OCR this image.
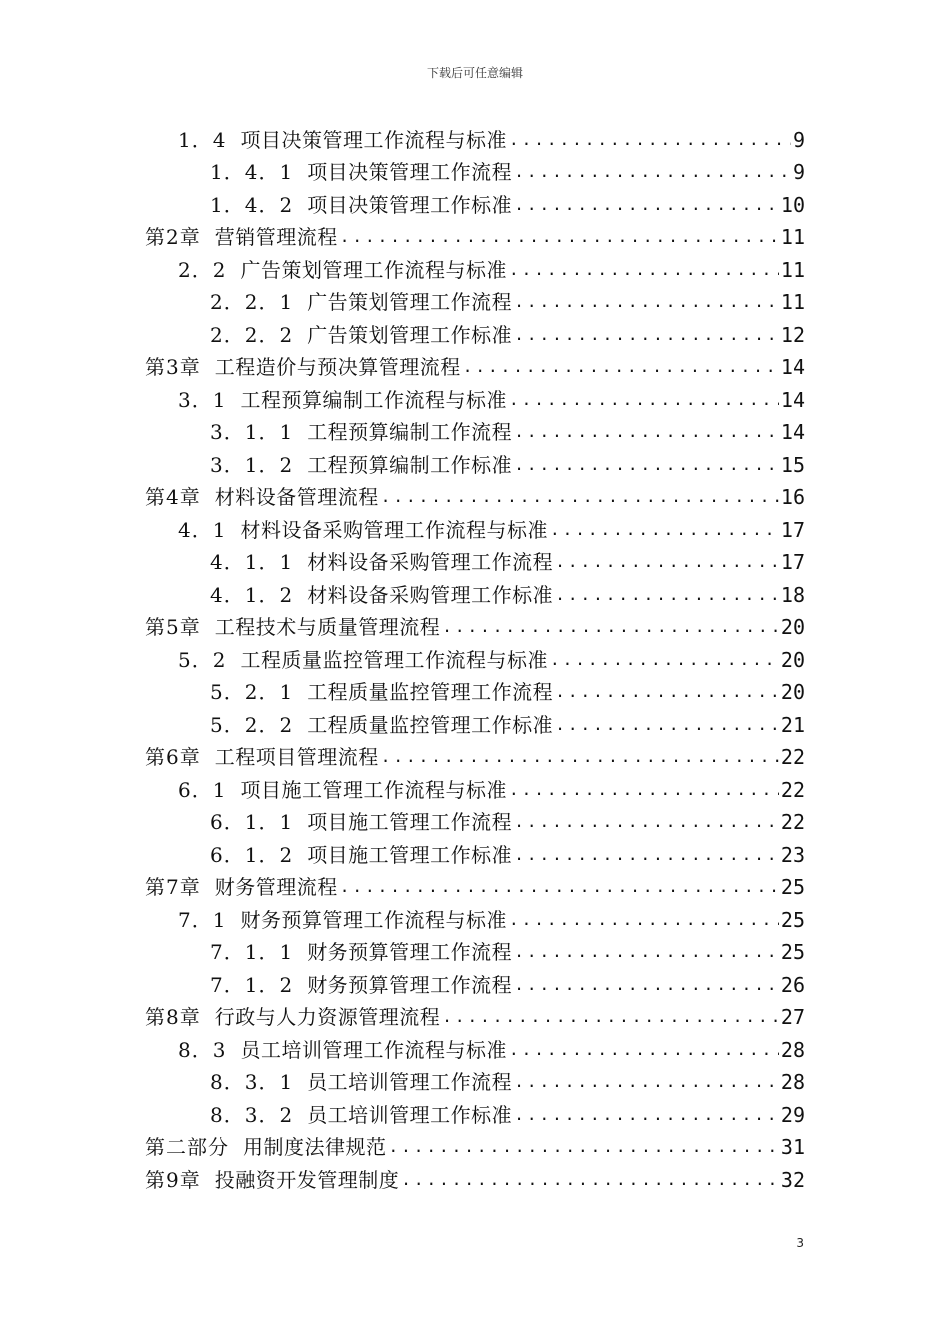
下载后可任意编辑
1．4 项目决策管理工作流程与标准 .....	9
1．4．1 项目决策管理工作流程 .....	9
1．4．2 项目决策管理工作标准 .....	10
第2章 营销管理流程 .....	11
2．2 广告策划管理工作流程与标准 .....	11
2．2．1 广告策划管理工作流程 .....	11
2．2．2 广告策划管理工作标准 .....	12
第3章 工程造价与预决算管理流程 .....	14
3．1 工程预算编制工作流程与标准 .....	14
3．1．1 工程预算编制工作流程 .....	14
3．1．2 工程预算编制工作标准 .....	15
第4章 材料设备管理流程 .....	16
4．1 材料设备采购管理工作流程与标准 .....	17
4．1．1 材料设备采购管理工作流程 .....	17
4．1．2 材料设备采购管理工作标准 .....	18
第5章 工程技术与质量管理流程 .....	20
5．2 工程质量监控管理工作流程与标准 .....	20
5．2．1 工程质量监控管理工作流程 .....	20
5．2．2 工程质量监控管理工作标准 .....	21
第6章 工程项目管理流程 .....	22
6．1 项目施工管理工作流程与标准 .....	22
6．1．1 项目施工管理工作流程 .....	22
6．1．2 项目施工管理工作标准 .....	23
第7章 财务管理流程 .....	25
7．1 财务预算管理工作流程与标准 .....	25
7．1．1 财务预算管理工作流程 .....	25
7．1．2 财务预算管理工作流程 .....	26
第8章 行政与人力资源管理流程 .....	27
8．3 员工培训管理工作流程与标准 .....	28
8．3．1 员工培训管理工作流程 .....	28
8．3．2 员工培训管理工作标准 .....	29
第二部分 用制度法律规范 .....	31
第9章 投融资开发管理制度 .....	32
3
